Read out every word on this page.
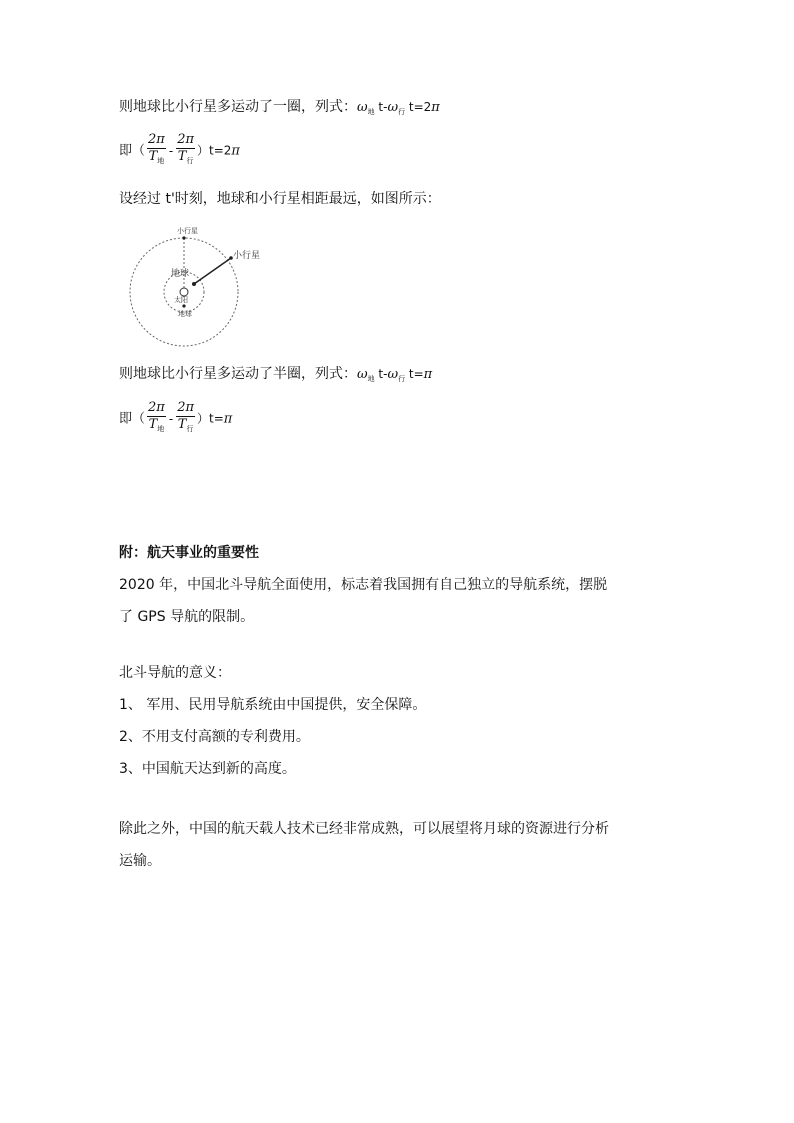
则地球比小行星多运动了一圈，列式：$\omega_地$ $t-\omega_行$ t=2π
即（ $\frac{2\pi}{T_地} - \frac{2\pi}{T_行} )t=2\pi$
设经过 t'时刻，地球和小行星相距最远，如图所示：
小行星
小行星
地球
太阳
地球
则地球比小行星多运动了半圈，列式：$\omega_地$ $t-\omega_行$ t=π
即（ $\frac{2\pi}{T_地} - \frac{2\pi}{T_行} )t=\pi$
附：航天事业的重要性
2020 年，中国北斗导航全面使用，标志着我国拥有自己独立的导航系统，摆脱
了 GPS 导航的限制。
北斗导航的意义：
1、 军用、民用导航系统由中国提供，安全保障。
2、不用支付高额的专利费用。
3、中国航天达到新的高度。
除此之外，中国的航天载人技术已经非常成熟，可以展望将月球的资源进行分析
运输。
